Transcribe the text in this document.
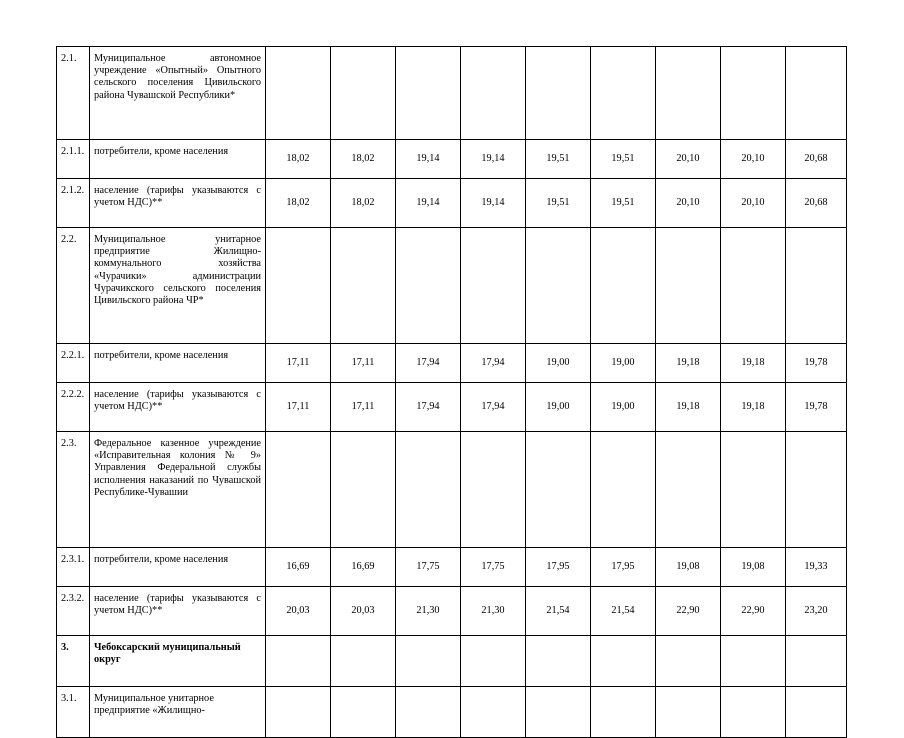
2.1.	Муниципальное автономное учреждение «Опытный» Опытного сельского поселения Цивильского района Чувашской Республики*									

2.1.1.	потребители, кроме населения	18,02	18,02	19,14	19,14	19,51	19,51	20,10	20,10	20,68
2.1.2.	население (тарифы указываются с учетом НДС)**	18,02	18,02	19,14	19,14	19,51	19,51	20,10	20,10	20,68
2.2.	Муниципальное унитарное предприятие Жилищно-коммунального хозяйства «Чурачики» администрации Чурачикского сельского поселения Цивильского района ЧР*									

2.2.1.	потребители, кроме населения	17,11	17,11	17,94	17,94	19,00	19,00	19,18	19,18	19,78
2.2.2.	население (тарифы указываются с учетом НДС)**	17,11	17,11	17,94	17,94	19,00	19,00	19,18	19,18	19,78
2.3.	Федеральное казенное учреждение «Исправительная колония № 9» Управления Федеральной службы исполнения наказаний по Чувашской Республике-Чувашии									

2.3.1.	потребители, кроме населения	16,69	16,69	17,75	17,75	17,95	17,95	19,08	19,08	19,33
2.3.2.	население (тарифы указываются с учетом НДС)**	20,03	20,03	21,30	21,30	21,54	21,54	22,90	22,90	23,20
3.	Чебоксарский муниципальный округ									

3.1.	Муниципальное унитарное предприятие «Жилищно-									
